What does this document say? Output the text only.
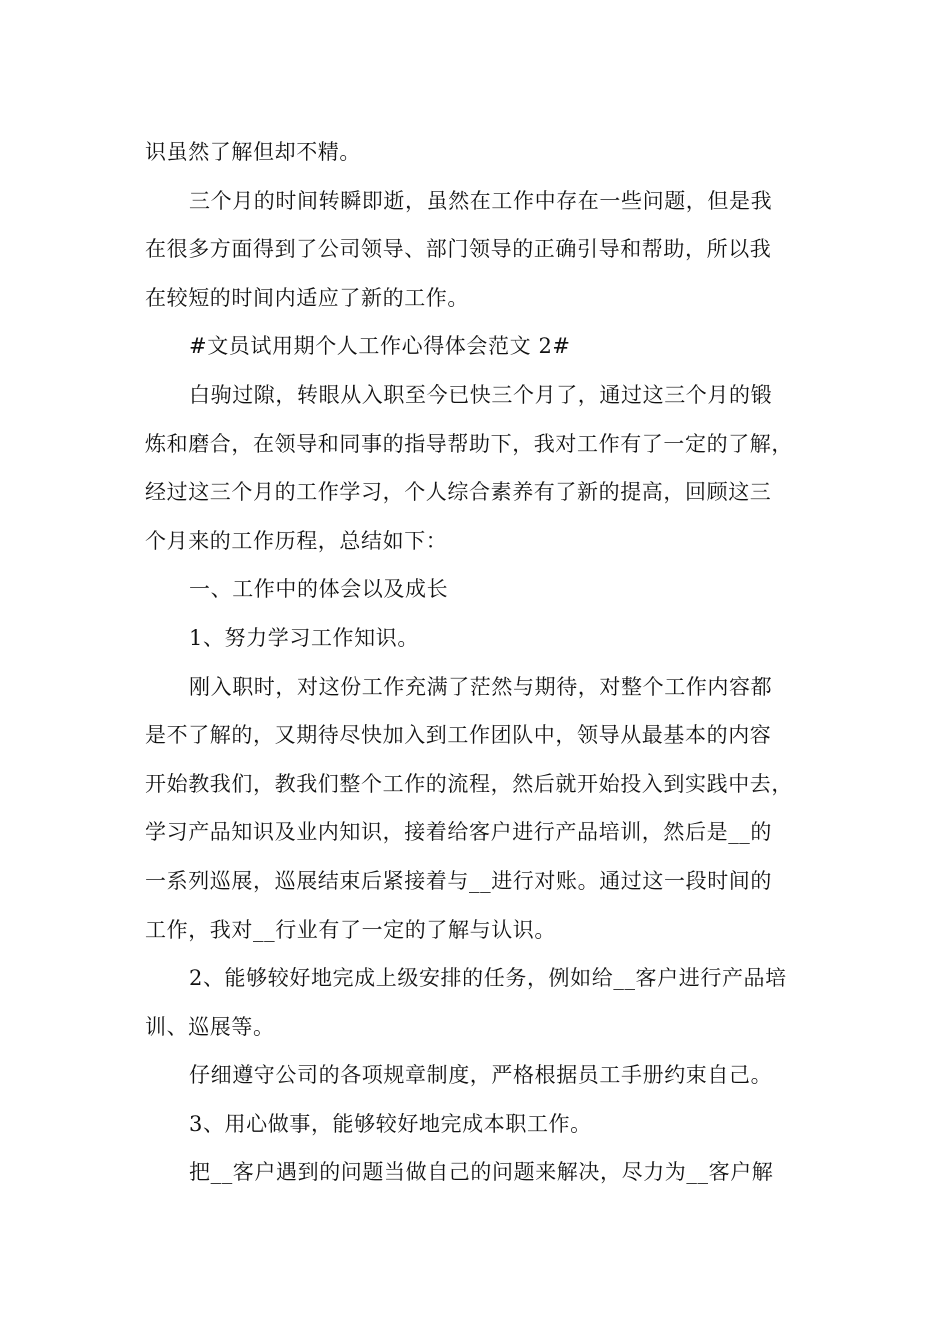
识虽然了解但却不精。
三个月的时间转瞬即逝，虽然在工作中存在一些问题，但是我
在很多方面得到了公司领导、部门领导的正确引导和帮助，所以我
在较短的时间内适应了新的工作。
#文员试用期个人工作心得体会范文 2#
白驹过隙，转眼从入职至今已快三个月了，通过这三个月的锻
炼和磨合，在领导和同事的指导帮助下，我对工作有了一定的了解，
经过这三个月的工作学习，个人综合素养有了新的提高，回顾这三
个月来的工作历程，总结如下：
一、工作中的体会以及成长
1、努力学习工作知识。
刚入职时，对这份工作充满了茫然与期待，对整个工作内容都
是不了解的，又期待尽快加入到工作团队中，领导从最基本的内容
开始教我们，教我们整个工作的流程，然后就开始投入到实践中去，
学习产品知识及业内知识，接着给客户进行产品培训，然后是__的
一系列巡展，巡展结束后紧接着与__进行对账。通过这一段时间的
工作，我对__行业有了一定的了解与认识。
2、能够较好地完成上级安排的任务，例如给__客户进行产品培
训、巡展等。
仔细遵守公司的各项规章制度，严格根据员工手册约束自己。
3、用心做事，能够较好地完成本职工作。
把__客户遇到的问题当做自己的问题来解决，尽力为__客户解
